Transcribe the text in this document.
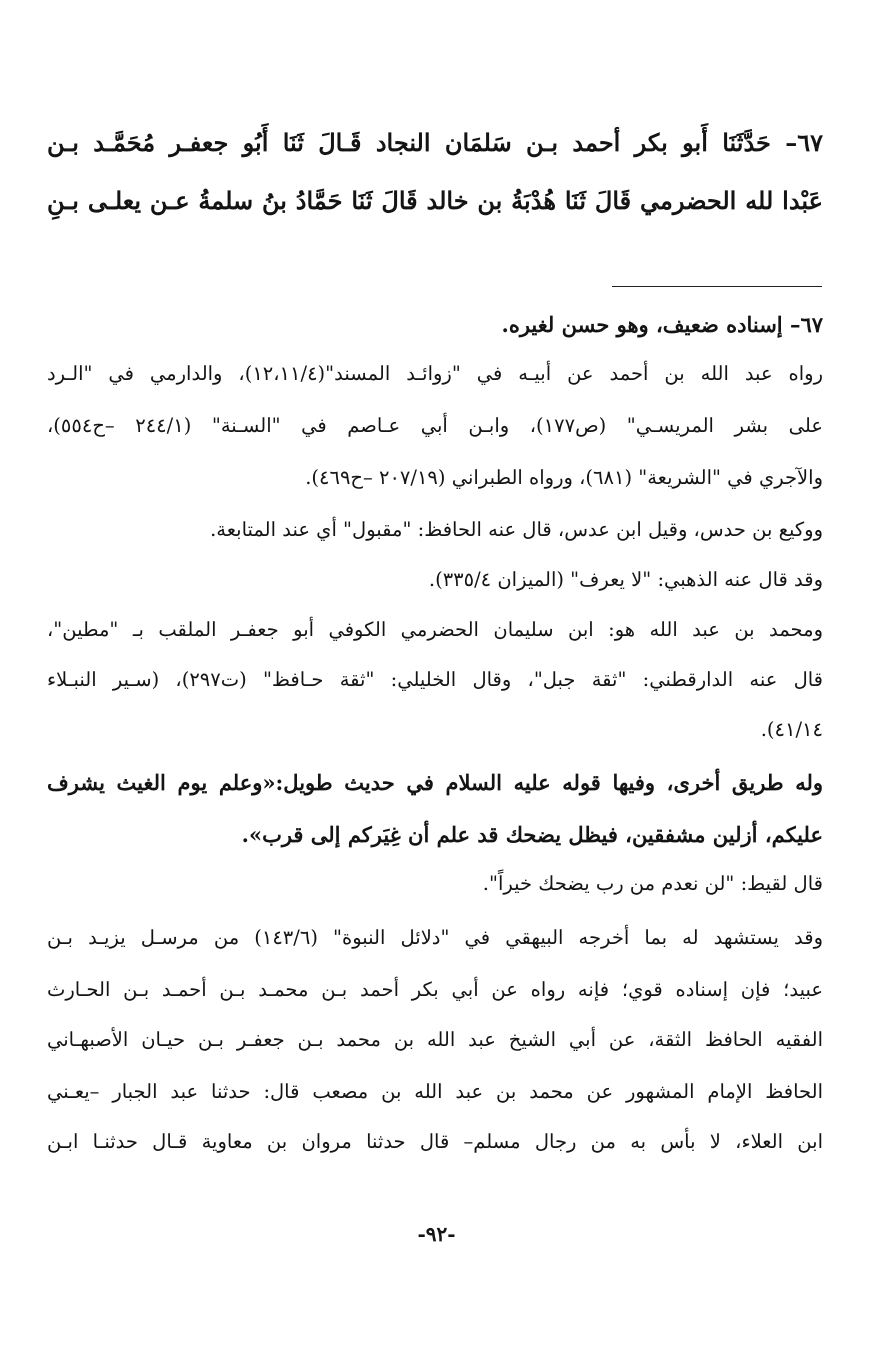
٦٧– حَدَّثَنَا أَبو بكر أحمد بـن سَلمَان النجاد قَـالَ ثَنَا أَبُو جعفـر مُحَمَّـد بـن
عَبْدا لله الحضرمي قَالَ ثَنَا هُدْبَةُ بن خالد قَالَ ثَنَا حَمَّادُ بنُ سلمةُ عـن يعلـى بـنِ
٦٧– إسناده ضعيف، وهو حسن لغيره.
رواه عبد الله بن أحمد عن أبيـه في "زوائـد المسند"(١٢،١١/٤)، والدارمي في "الـرد
على بشر المريسـي" (ص١٧٧)، وابـن أبي عـاصم في "السـنة" (٢٤٤/١ –ح٥٥٤)،
والآجري في "الشريعة" (٦٨١)، ورواه الطبراني (٢٠٧/١٩ –ح٤٦٩).
ووكيع بن حدس، وقيل ابن عدس، قال عنه الحافظ: "مقبول" أي عند المتابعة.
وقد قال عنه الذهبي: "لا يعرف" (الميزان ٣٣٥/٤).
ومحمد بن عبد الله هو: ابن سليمان الحضرمي الكوفي أبو جعفـر الملقب بـ "مطين"،
قال عنه الدارقطني: "ثقة جبل"، وقال الخليلي: "ثقة حـافظ" (ت٢٩٧)، (سـير النبـلاء
٤١/١٤).
وله طريق أخرى، وفيها قوله عليه السلام في حديث طويل:«وعلم يوم الغيث يشرف
عليكم، أزلين مشفقين، فيظل يضحك قد علم أن غِيَركم إلى قرب».
قال لقيط: "لن نعدم من رب يضحك خيراً".
وقد يستشهد له بما أخرجه البيهقي في "دلائل النبوة" (١٤٣/٦) من مرسـل يزيـد بـن
عبيد؛ فإن إسناده قوي؛ فإنه رواه عن أبي بكر أحمد بـن محمـد بـن أحمـد بـن الحـارث
الفقيه الحافظ الثقة، عن أبي الشيخ عبد الله بن محمد بـن جعفـر بـن حيـان الأصبهـاني
الحافظ الإمام المشهور عن محمد بن عبد الله بن مصعب قال: حدثنا عبد الجبار –يعـني
ابن العلاء، لا بأس به من رجال مسلم– قال حدثنا مروان بن معاوية قـال حدثنـا ابـن
-٩٢-
